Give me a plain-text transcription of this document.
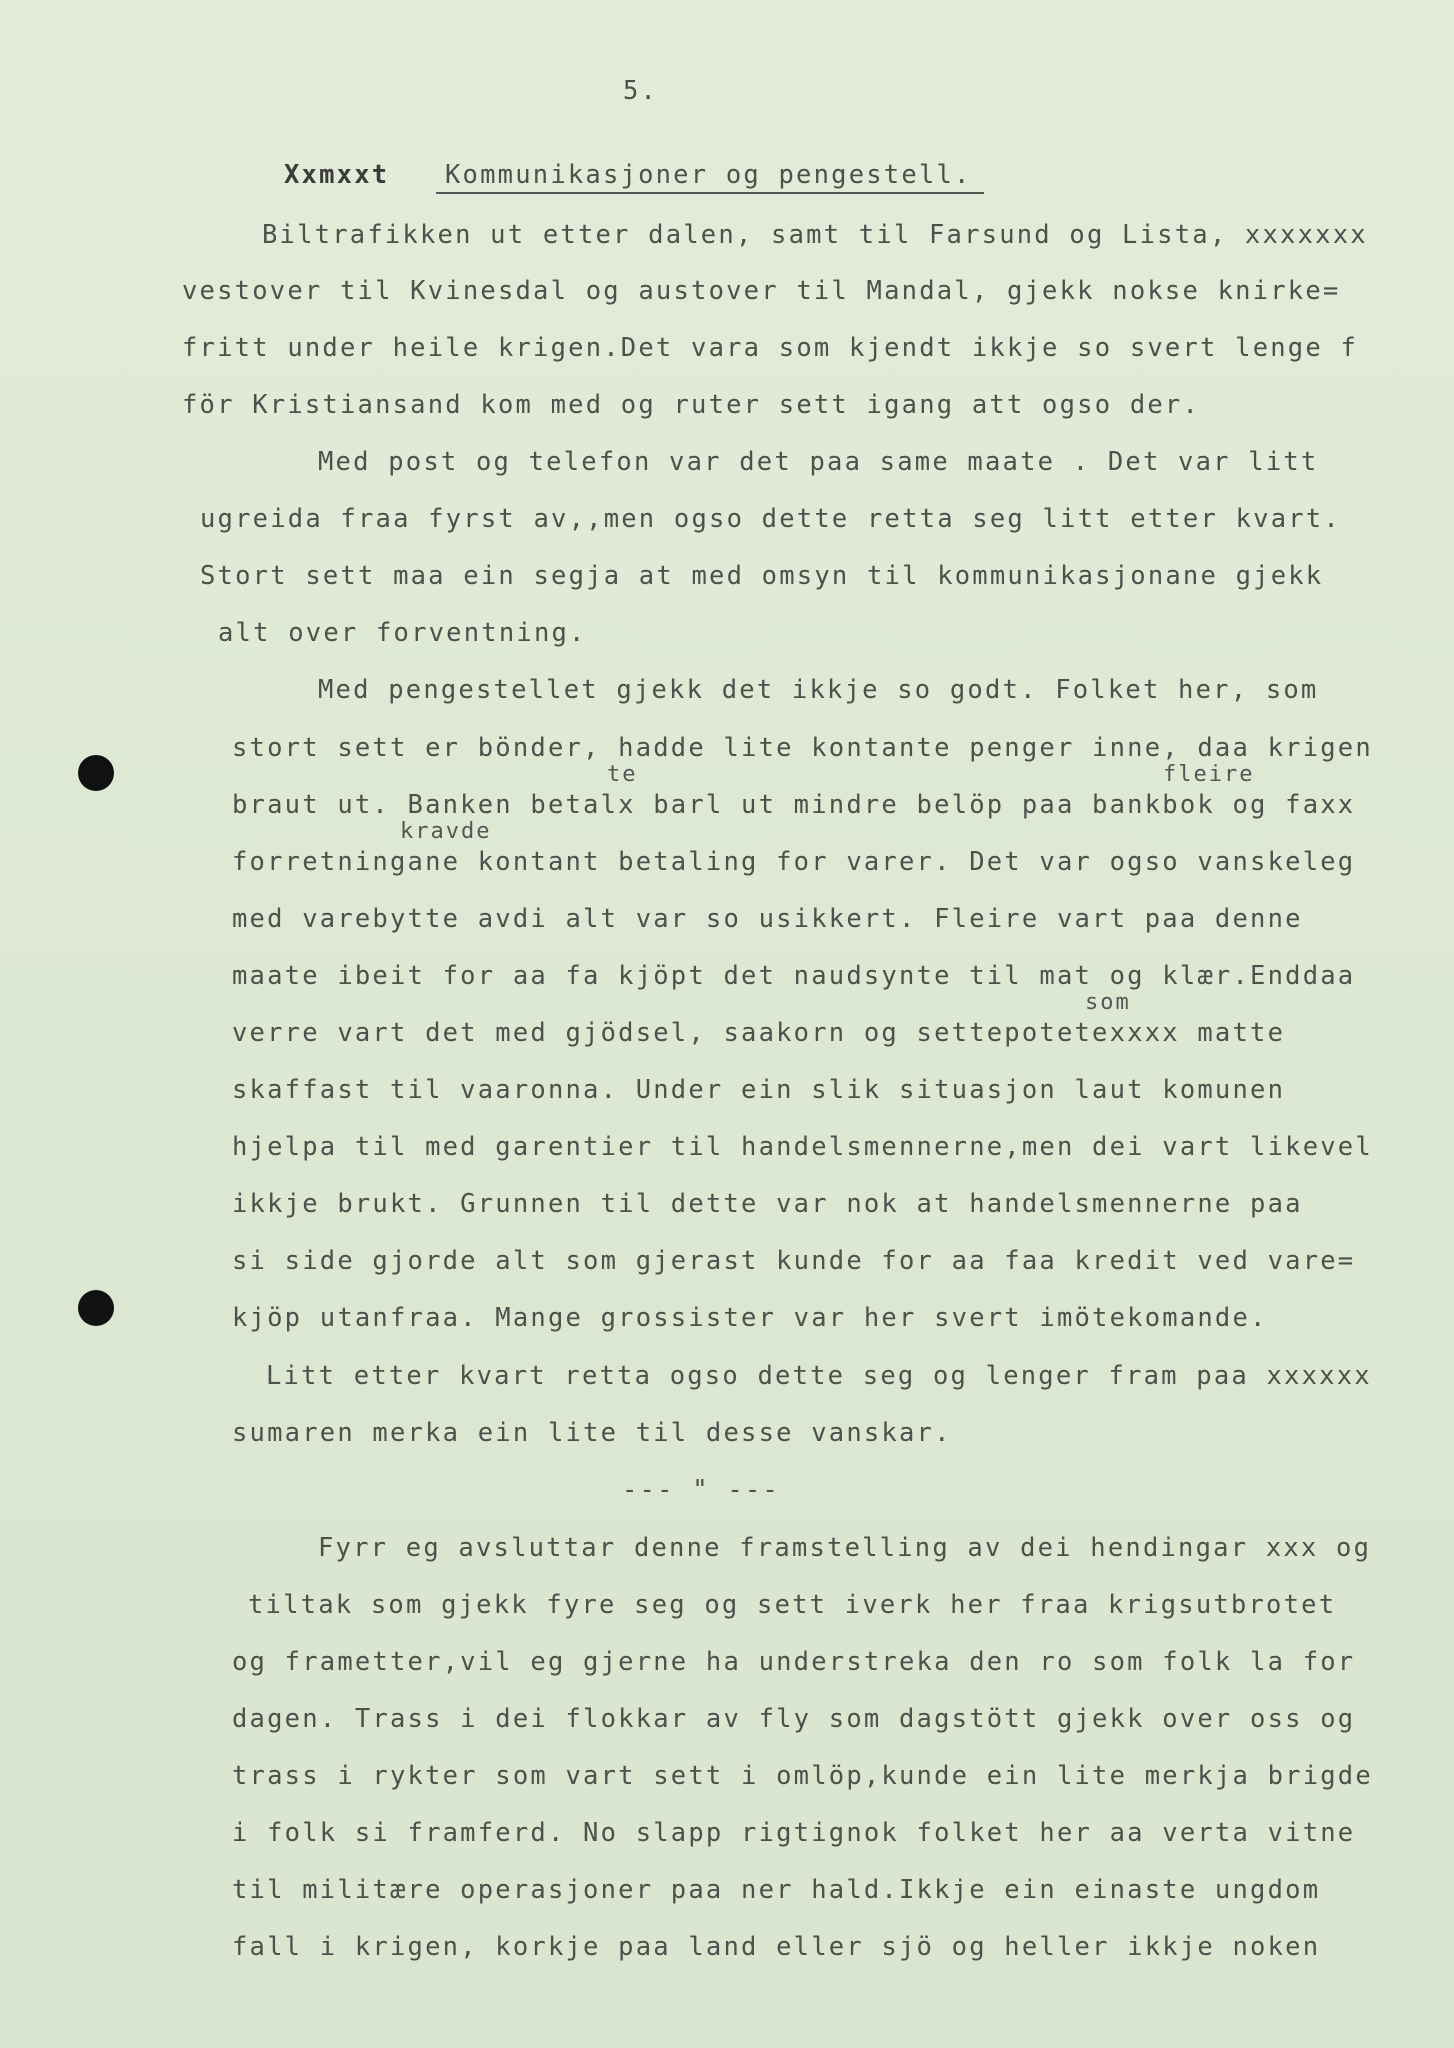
5.
Xxmxxt Kommunikasjoner og pengestell.
Biltrafikken ut etter dalen, samt til Farsund og Lista, xxxxxxx
vestover til Kvinesdal og austover til Mandal, gjekk nokse knirke=
fritt under heile krigen.Det vara som kjendt ikkje so svert lenge f
för Kristiansand kom med og ruter sett igang att ogso der.
Med post og telefon var det paa same maate . Det var litt
ugreida fraa fyrst av,,men ogso dette retta seg litt etter kvart.
Stort sett maa ein segja at med omsyn til kommunikasjonane gjekk
alt over forventning.
Med pengestellet gjekk det ikkje so godt. Folket her, som
stort sett er bönder, hadde lite kontante penger inne, daa krigen
te	fleire
braut ut. Banken betalx barl ut mindre belöp paa bankbok og faxx
kravde
forretningane kontant betaling for varer. Det var ogso vanskeleg
med varebytte avdi alt var so usikkert. Fleire vart paa denne
maate ibeit for aa fa kjöpt det naudsynte til mat og klær.Enddaa
som
verre vart det med gjödsel, saakorn og settepotetexxxx matte
skaffast til vaaronna. Under ein slik situasjon laut komunen
hjelpa til med garentier til handelsmennerne,men dei vart likevel
ikkje brukt. Grunnen til dette var nok at handelsmennerne paa
si side gjorde alt som gjerast kunde for aa faa kredit ved vare=
kjöp utanfraa. Mange grossister var her svert imötekomande.
Litt etter kvart retta ogso dette seg og lenger fram paa xxxxxx
sumaren merka ein lite til desse vanskar.
--- " ---
Fyrr eg avsluttar denne framstelling av dei hendingar xxx og
tiltak som gjekk fyre seg og sett iverk her fraa krigsutbrotet
og frametter,vil eg gjerne ha understreka den ro som folk la for
dagen. Trass i dei flokkar av fly som dagstött gjekk over oss og
trass i rykter som vart sett i omlöp,kunde ein lite merkja brigde
i folk si framferd. No slapp rigtignok folket her aa verta vitne
til militære operasjoner paa ner hald.Ikkje ein einaste ungdom
fall i krigen, korkje paa land eller sjö og heller ikkje noken
